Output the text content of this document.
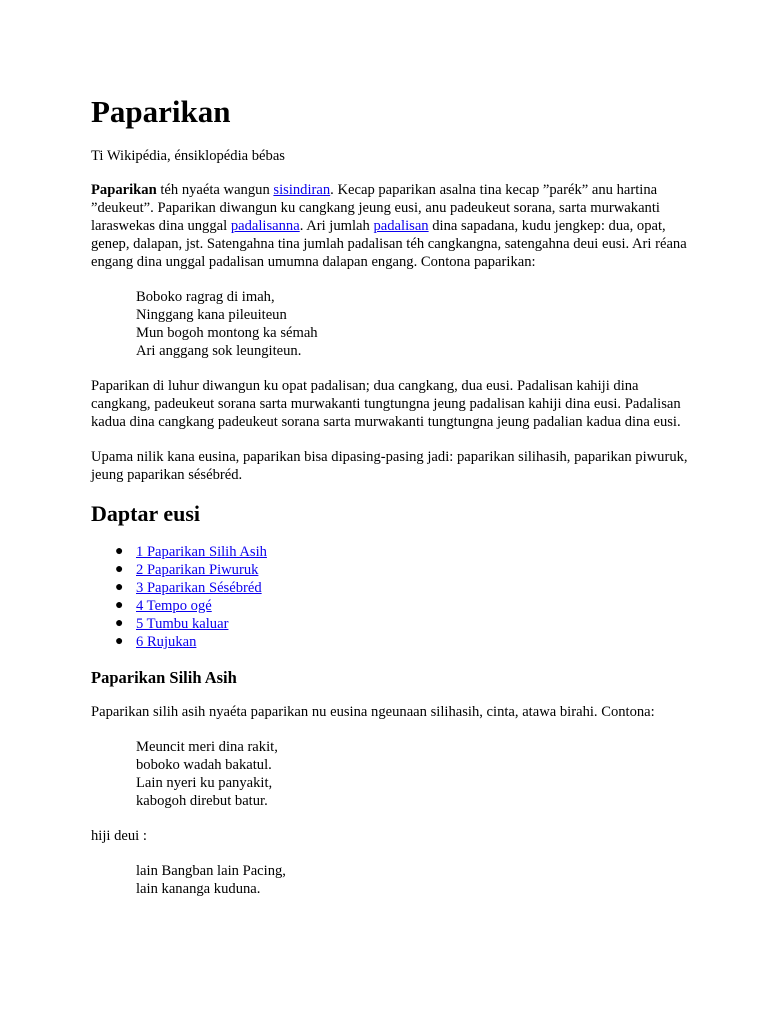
Paparikan
Ti Wikipédia, énsiklopédia bébas

Paparikan téh nyaéta wangun sisindiran. Kecap paparikan asalna tina kecap ”parék” anu hartina ”deukeut”. Paparikan diwangun ku cangkang jeung eusi, anu padeukeut sorana, sarta murwakanti laraswekas dina unggal padalisanna. Ari jumlah padalisan dina sapadana, kudu jengkep: dua, opat, genep, dalapan, jst. Satengahna tina jumlah padalisan téh cangkangna, satengahna deui eusi. Ari réana engang dina unggal padalisan umumna dalapan engang. Contona paparikan:

Boboko ragrag di imah,
Ninggang kana pileuiteun
Mun bogoh montong ka sémah
Ari anggang sok leungiteun.

Paparikan di luhur diwangun ku opat padalisan; dua cangkang, dua eusi. Padalisan kahiji dina cangkang, padeukeut sorana sarta murwakanti tungtungna jeung padalisan kahiji dina eusi. Padalisan kadua dina cangkang padeukeut sorana sarta murwakanti tungtungna jeung padalian kadua dina eusi.

Upama nilik kana eusina, paparikan bisa dipasing-pasing jadi: paparikan silihasih, paparikan piwuruk, jeung paparikan sésébréd.

Daptar eusi
● 1 Paparikan Silih Asih
● 2 Paparikan Piwuruk
● 3 Paparikan Sésébréd
● 4 Tempo ogé
● 5 Tumbu kaluar
● 6 Rujukan
Paparikan Silih Asih

Paparikan silih asih nyaéta paparikan nu eusina ngeunaan silihasih, cinta, atawa birahi. Contona:

Meuncit meri dina rakit,
boboko wadah bakatul.
Lain nyeri ku panyakit,
kabogoh direbut batur.

hiji deui :

lain Bangban lain Pacing,
lain kananga kuduna.
